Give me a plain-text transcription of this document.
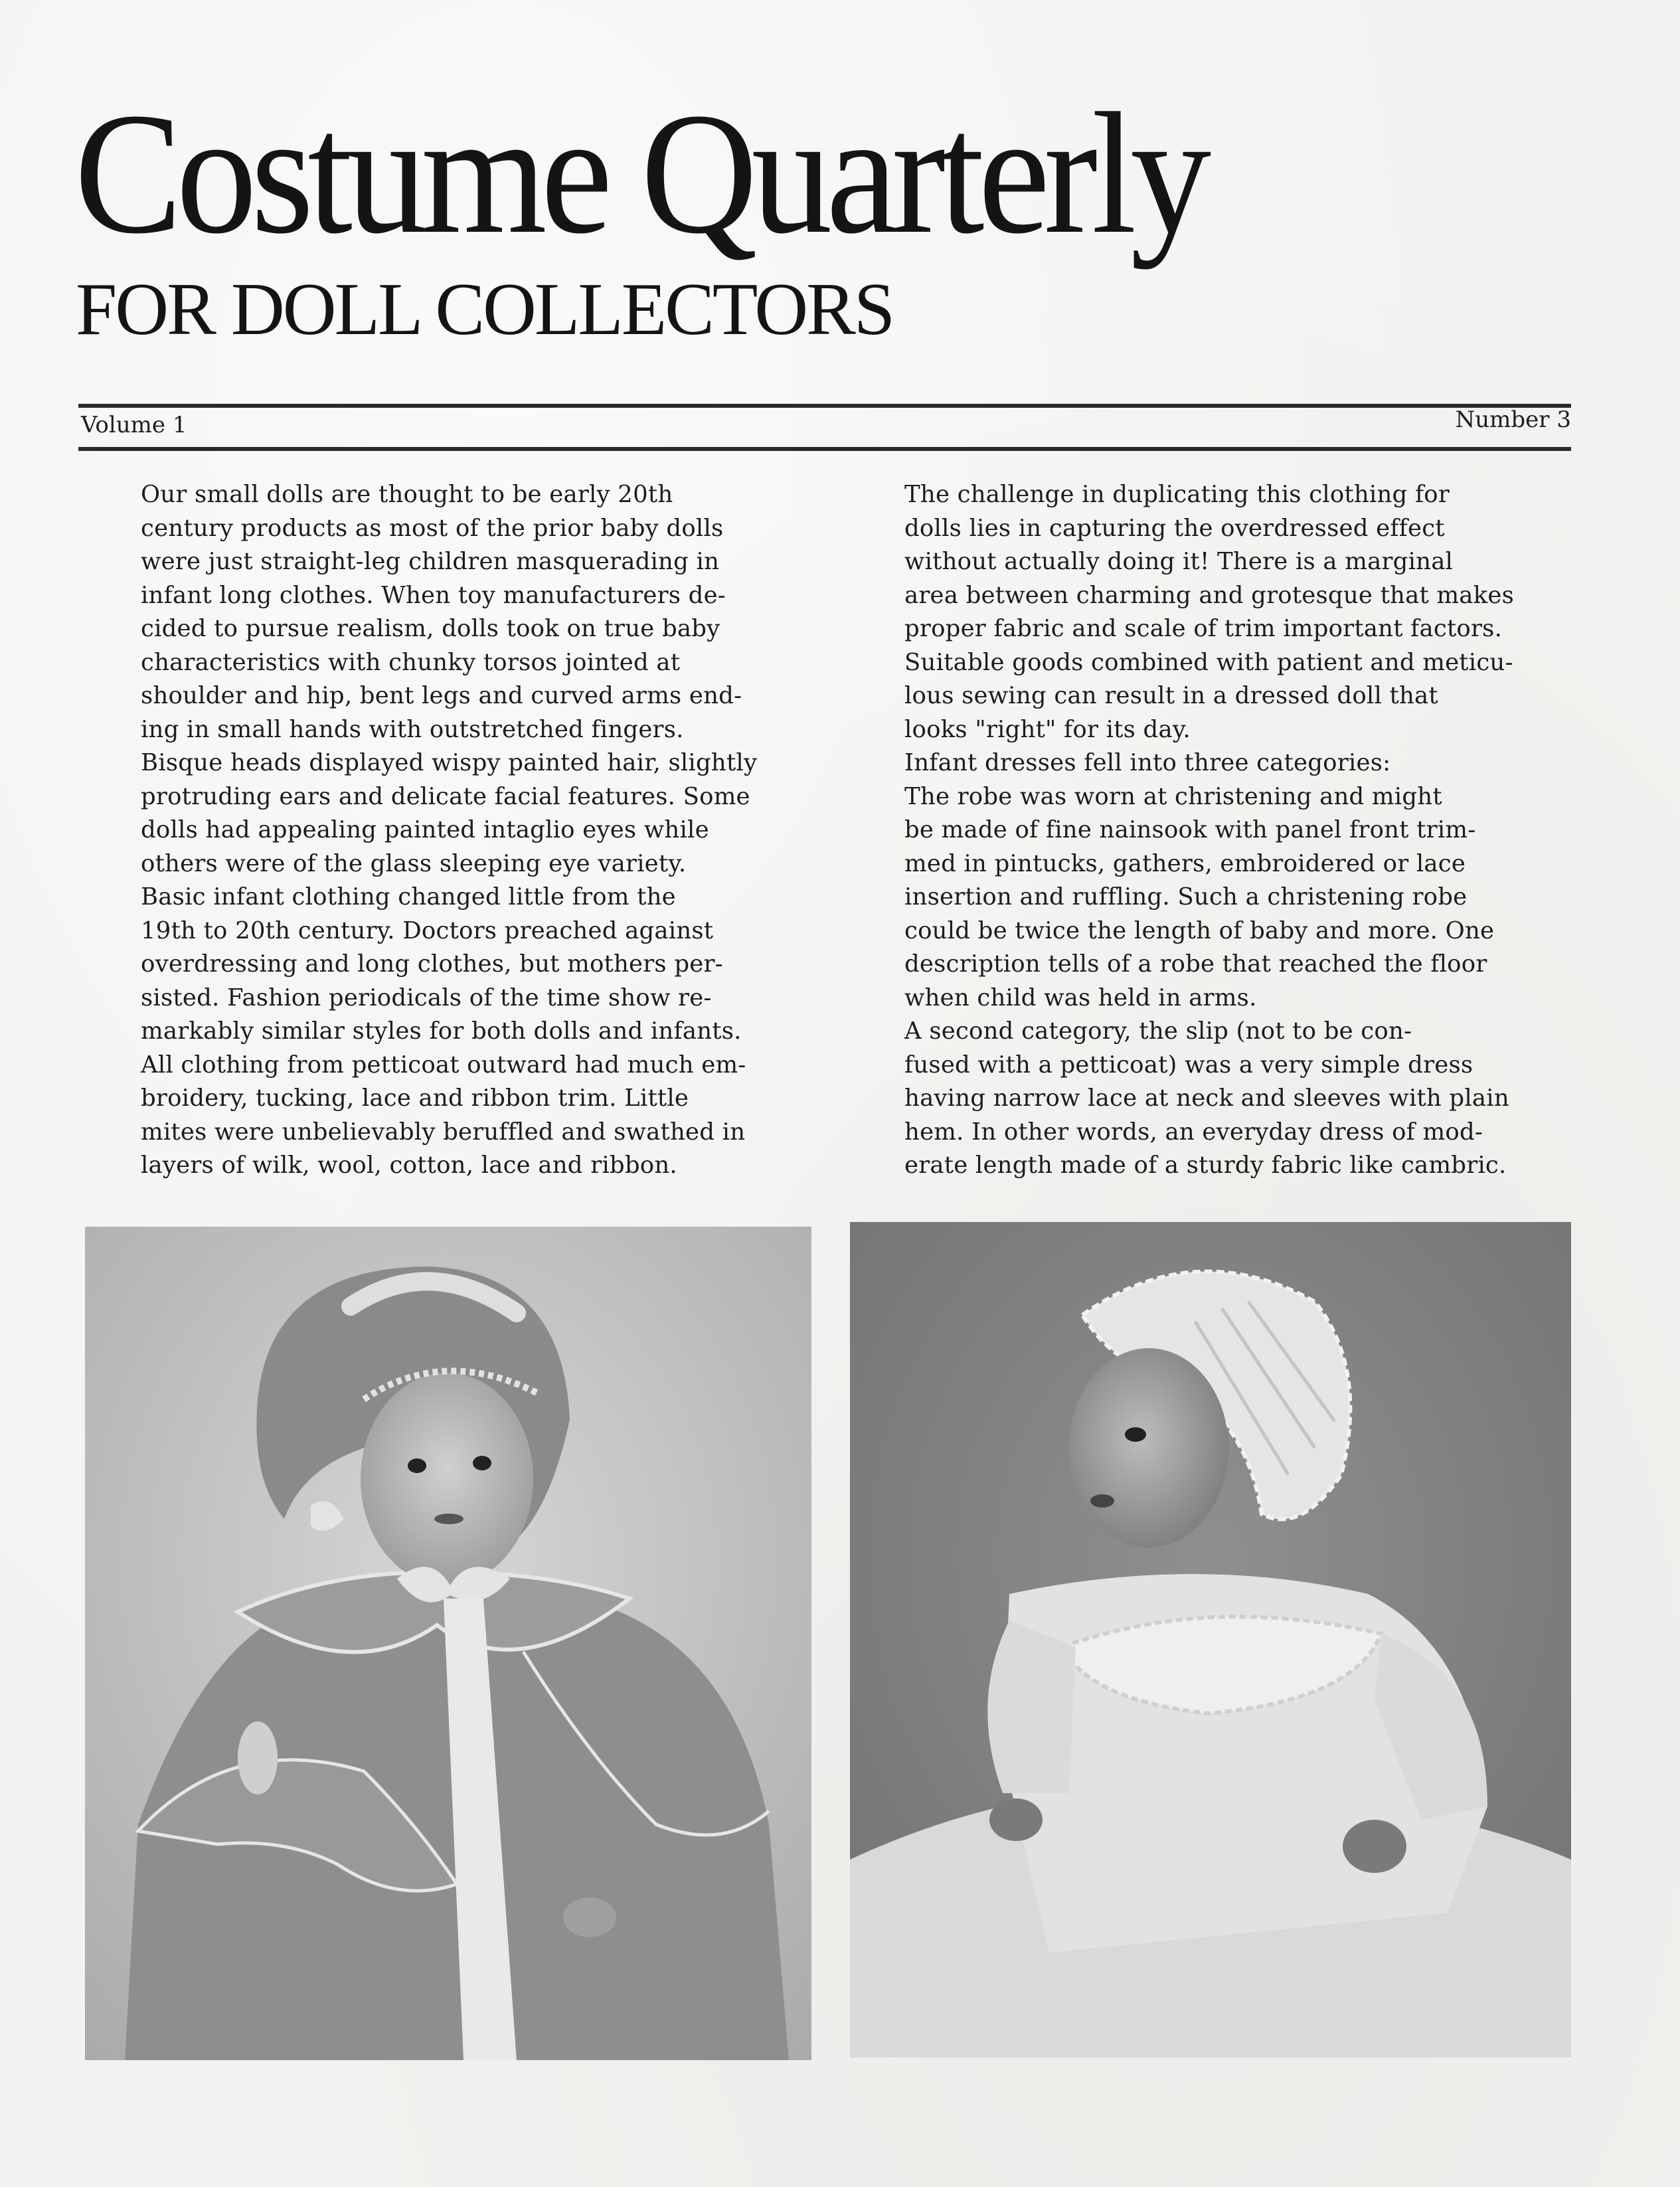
Costume Quarterly
FOR DOLL COLLECTORS
Volume 1	Number 3

Our small dolls are thought to be early 20th
century products as most of the prior baby dolls
were just straight-leg children masquerading in
infant long clothes. When toy manufacturers de-
cided to pursue realism, dolls took on true baby
characteristics with chunky torsos jointed at
shoulder and hip, bent legs and curved arms end-
ing in small hands with outstretched fingers.
Bisque heads displayed wispy painted hair, slightly
protruding ears and delicate facial features. Some
dolls had appealing painted intaglio eyes while
others were of the glass sleeping eye variety.

Basic infant clothing changed little from the
19th to 20th century. Doctors preached against
overdressing and long clothes, but mothers per-
sisted. Fashion periodicals of the time show re-
markably similar styles for both dolls and infants.
All clothing from petticoat outward had much em-
broidery, tucking, lace and ribbon trim. Little
mites were unbelievably beruffled and swathed in
layers of wilk, wool, cotton, lace and ribbon.

The challenge in duplicating this clothing for
dolls lies in capturing the overdressed effect
without actually doing it! There is a marginal
area between charming and grotesque that makes
proper fabric and scale of trim important factors.
Suitable goods combined with patient and meticu-
lous sewing can result in a dressed doll that
looks "right" for its day.

Infant dresses fell into three categories:

The robe was worn at christening and might
be made of fine nainsook with panel front trim-
med in pintucks, gathers, embroidered or lace
insertion and ruffling. Such a christening robe
could be twice the length of baby and more. One
description tells of a robe that reached the floor
when child was held in arms.

A second category, the slip (not to be con-
fused with a petticoat) was a very simple dress
having narrow lace at neck and sleeves with plain
hem. In other words, an everyday dress of mod-
erate length made of a sturdy fabric like cambric.
